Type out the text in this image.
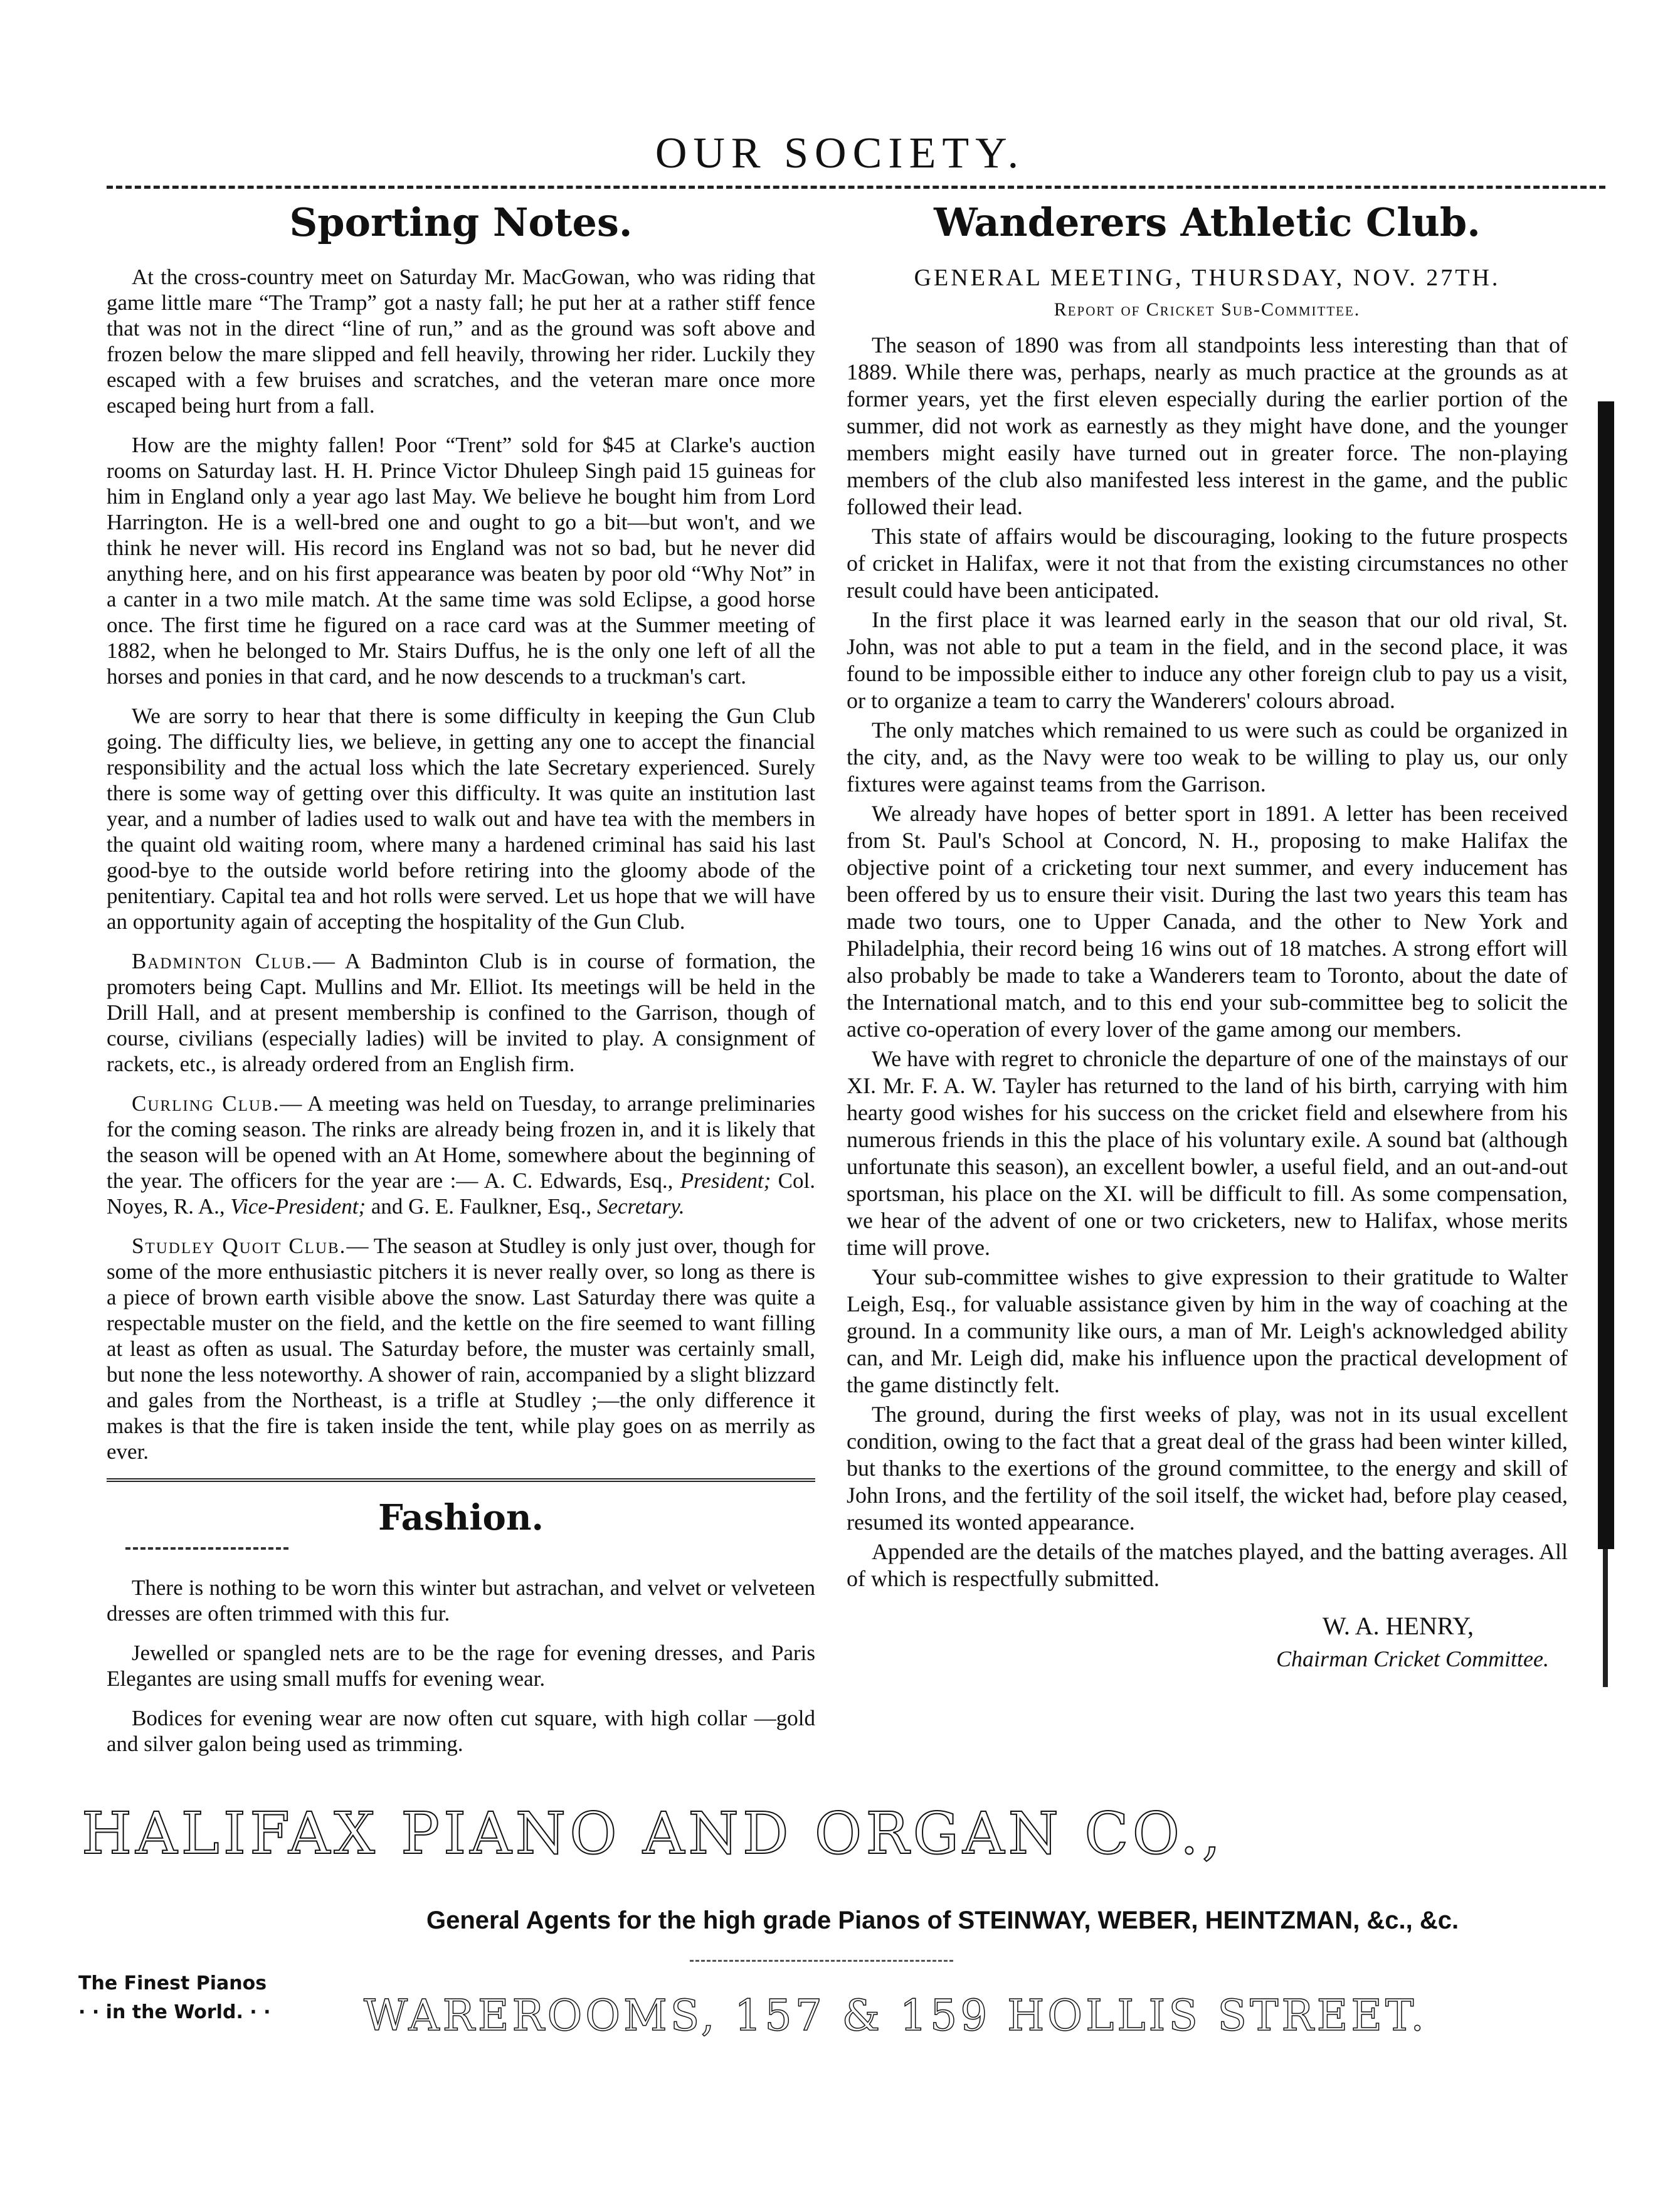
OUR SOCIETY.
Sporting Notes.

At the cross-country meet on Saturday Mr. MacGowan, who was riding that game little mare “The Tramp” got a nasty fall; he put her at a rather stiff fence that was not in the direct “line of run,” and as the ground was soft above and frozen below the mare slipped and fell heavily, throwing her rider. Luckily they escaped with a few bruises and scratches, and the veteran mare once more escaped being hurt from a fall.

How are the mighty fallen! Poor “Trent” sold for $45 at Clarke's auction rooms on Saturday last. H. H. Prince Victor Dhuleep Singh paid 15 guineas for him in England only a year ago last May. We believe he bought him from Lord Harrington. He is a well-bred one and ought to go a bit—but won't, and we think he never will. His record ins England was not so bad, but he never did anything here, and on his first appearance was beaten by poor old “Why Not” in a canter in a two mile match. At the same time was sold Eclipse, a good horse once. The first time he figured on a race card was at the Summer meeting of 1882, when he belonged to Mr. Stairs Duffus, he is the only one left of all the horses and ponies in that card, and he now descends to a truckman's cart.

We are sorry to hear that there is some difficulty in keeping the Gun Club going. The difficulty lies, we believe, in getting any one to accept the financial responsibility and the actual loss which the late Secretary experienced. Surely there is some way of getting over this difficulty. It was quite an institution last year, and a number of ladies used to walk out and have tea with the members in the quaint old waiting room, where many a hardened criminal has said his last good-bye to the outside world before retiring into the gloomy abode of the penitentiary. Capital tea and hot rolls were served. Let us hope that we will have an opportunity again of accepting the hospitality of the Gun Club.

Badminton Club.— A Badminton Club is in course of formation, the promoters being Capt. Mullins and Mr. Elliot. Its meetings will be held in the Drill Hall, and at present membership is confined to the Garrison, though of course, civilians (especially ladies) will be invited to play. A consignment of rackets, etc., is already ordered from an English firm.

Curling Club.— A meeting was held on Tuesday, to arrange preliminaries for the coming season. The rinks are already being frozen in, and it is likely that the season will be opened with an At Home, somewhere about the beginning of the year. The officers for the year are :— A. C. Edwards, Esq., President; Col. Noyes, R. A., Vice-President; and G. E. Faulkner, Esq., Secretary.

Studley Quoit Club.— The season at Studley is only just over, though for some of the more enthusiastic pitchers it is never really over, so long as there is a piece of brown earth visible above the snow. Last Saturday there was quite a respectable muster on the field, and the kettle on the fire seemed to want filling at least as often as usual. The Saturday before, the muster was certainly small, but none the less noteworthy. A shower of rain, accompanied by a slight blizzard and gales from the Northeast, is a trifle at Studley ;—the only difference it makes is that the fire is taken inside the tent, while play goes on as merrily as ever.

Fashion.

There is nothing to be worn this winter but astrachan, and velvet or velveteen dresses are often trimmed with this fur.

Jewelled or spangled nets are to be the rage for evening dresses, and Paris Elegantes are using small muffs for evening wear.

Bodices for evening wear are now often cut square, with high collar —gold and silver galon being used as trimming.

Wanderers Athletic Club.
GENERAL MEETING, THURSDAY, NOV. 27TH.
Report of Cricket Sub-Committee.

The season of 1890 was from all standpoints less interesting than that of 1889. While there was, perhaps, nearly as much practice at the grounds as at former years, yet the first eleven especially during the earlier portion of the summer, did not work as earnestly as they might have done, and the younger members might easily have turned out in greater force. The non-playing members of the club also manifested less interest in the game, and the public followed their lead.

This state of affairs would be discouraging, looking to the future prospects of cricket in Halifax, were it not that from the existing circumstances no other result could have been anticipated.

In the first place it was learned early in the season that our old rival, St. John, was not able to put a team in the field, and in the second place, it was found to be impossible either to induce any other foreign club to pay us a visit, or to organize a team to carry the Wanderers' colours abroad.

The only matches which remained to us were such as could be organized in the city, and, as the Navy were too weak to be willing to play us, our only fixtures were against teams from the Garrison.

We already have hopes of better sport in 1891. A letter has been received from St. Paul's School at Concord, N. H., proposing to make Halifax the objective point of a cricketing tour next summer, and every inducement has been offered by us to ensure their visit. During the last two years this team has made two tours, one to Upper Canada, and the other to New York and Philadelphia, their record being 16 wins out of 18 matches. A strong effort will also probably be made to take a Wanderers team to Toronto, about the date of the International match, and to this end your sub-committee beg to solicit the active co-operation of every lover of the game among our members.

We have with regret to chronicle the departure of one of the mainstays of our XI. Mr. F. A. W. Tayler has returned to the land of his birth, carrying with him hearty good wishes for his success on the cricket field and elsewhere from his numerous friends in this the place of his voluntary exile. A sound bat (although unfortunate this season), an excellent bowler, a useful field, and an out-and-out sportsman, his place on the XI. will be difficult to fill. As some compensation, we hear of the advent of one or two cricketers, new to Halifax, whose merits time will prove.

Your sub-committee wishes to give expression to their gratitude to Walter Leigh, Esq., for valuable assistance given by him in the way of coaching at the ground. In a community like ours, a man of Mr. Leigh's acknowledged ability can, and Mr. Leigh did, make his influence upon the practical development of the game distinctly felt.

The ground, during the first weeks of play, was not in its usual excellent condition, owing to the fact that a great deal of the grass had been winter killed, but thanks to the exertions of the ground committee, to the energy and skill of John Irons, and the fertility of the soil itself, the wicket had, before play ceased, resumed its wonted appearance.

Appended are the details of the matches played, and the batting averages. All of which is respectfully submitted.

W. A. HENRY,
Chairman Cricket Committee.
HALIFAX PIANO AND ORGAN CO.,
General Agents for the high grade Pianos of STEINWAY, WEBER, HEINTZMAN, &c., &c.
The Finest Pianos
· · in the World. · ·	WAREROOMS, 157 & 159 HOLLIS STREET.
